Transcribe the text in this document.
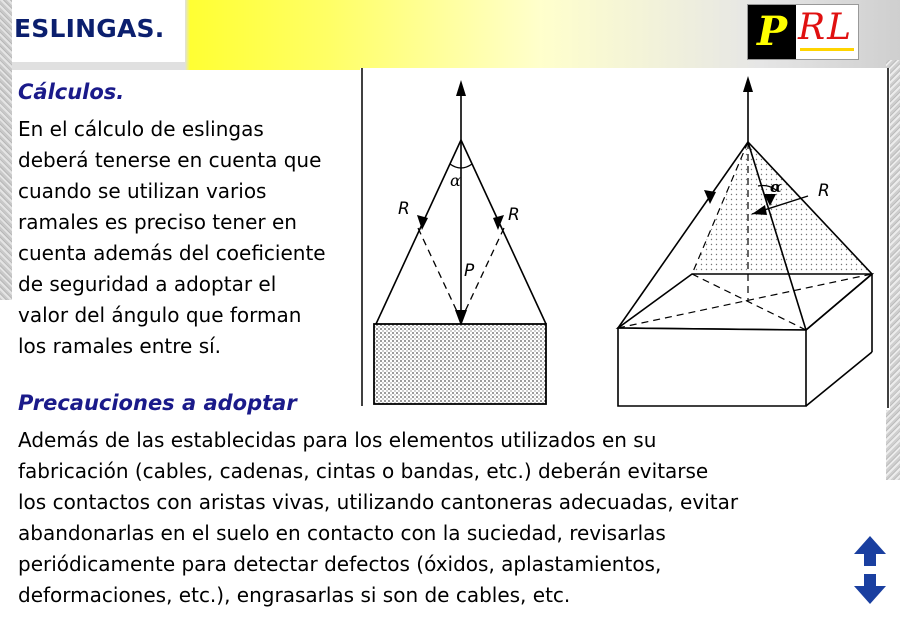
ESLINGAS.	P RL
Cálculos.
En el cálculo de eslingas
deberá tenerse en cuenta que
cuando se utilizan varios
ramales es preciso tener en
cuenta además del coeficiente
de seguridad a adoptar el
valor del ángulo que forman
los ramales entre sí.
R	R
α
P
α R
Precauciones a adoptar
Además de las establecidas para los elementos utilizados en su
fabricación (cables, cadenas, cintas o bandas, etc.) deberán evitarse
los contactos con aristas vivas, utilizando cantoneras adecuadas, evitar
abandonarlas en el suelo en contacto con la suciedad, revisarlas
periódicamente para detectar defectos (óxidos, aplastamientos,
deformaciones, etc.), engrasarlas si son de cables, etc.
